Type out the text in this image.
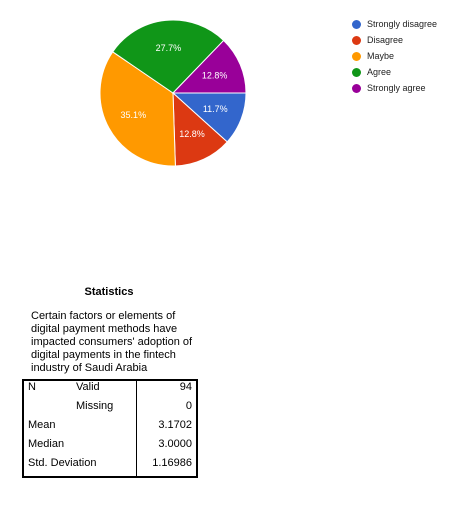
11.7%
12.8%
35.1%
27.7%
12.8%
Strongly disagree
Disagree
Maybe
Agree
Strongly agree
Statistics
Certain factors or elements of digital payment methods have impacted consumers' adoption of digital payments in the fintech industry of Saudi Arabia
N	Valid	94
	Missing	0
Mean		3.1702
Median		3.0000
Std. Deviation		1.16986
